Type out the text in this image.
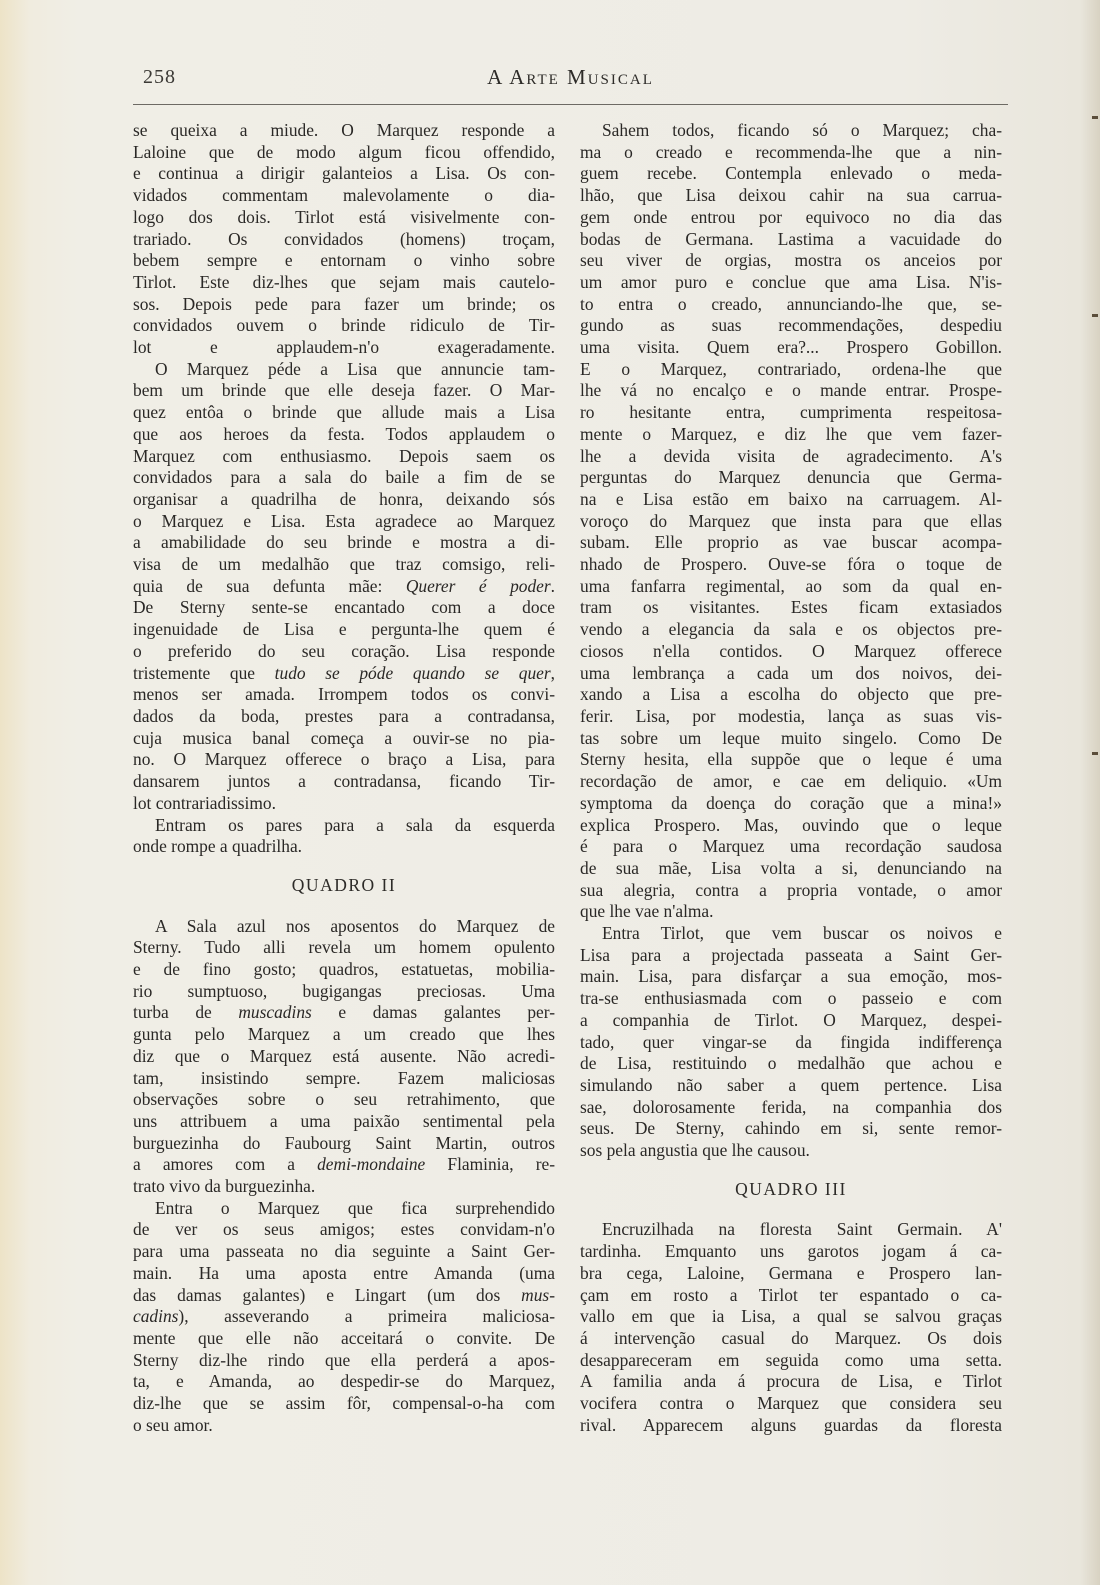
258	A Arte Musical

se queixa a miude. O Marquez responde a
Laloine que de modo algum ficou offendido,
e continua a dirigir galanteios a Lisa. Os con-
vidados commentam malevolamente o dia-
logo dos dois. Tirlot está visivelmente con-
trariado. Os convidados (homens) troçam,
bebem sempre e entornam o vinho sobre
Tirlot. Este diz-lhes que sejam mais cautelo-
sos. Depois pede para fazer um brinde; os
convidados ouvem o brinde ridiculo de Tir-
lot e applaudem-n'o exageradamente.

O Marquez péde a Lisa que annuncie tam-
bem um brinde que elle deseja fazer. O Mar-
quez entôa o brinde que allude mais a Lisa
que aos heroes da festa. Todos applaudem o
Marquez com enthusiasmo. Depois saem os
convidados para a sala do baile a fim de se
organisar a quadrilha de honra, deixando sós
o Marquez e Lisa. Esta agradece ao Marquez
a amabilidade do seu brinde e mostra a di-
visa de um medalhão que traz comsigo, reli-
quia de sua defunta mãe: Querer é poder.
De Sterny sente-se encantado com a doce
ingenuidade de Lisa e pergunta-lhe quem é
o preferido do seu coração. Lisa responde
tristemente que tudo se póde quando se quer,
menos ser amada. Irrompem todos os convi-
dados da boda, prestes para a contradansa,
cuja musica banal começa a ouvir-se no pia-
no. O Marquez offerece o braço a Lisa, para
dansarem juntos a contradansa, ficando Tir-
lot contrariadissimo.

Entram os pares para a sala da esquerda
onde rompe a quadrilha.

QUADRO II

A Sala azul nos aposentos do Marquez de
Sterny. Tudo alli revela um homem opulento
e de fino gosto; quadros, estatuetas, mobilia-
rio sumptuoso, bugigangas preciosas. Uma
turba de muscadins e damas galantes per-
gunta pelo Marquez a um creado que lhes
diz que o Marquez está ausente. Não acredi-
tam, insistindo sempre. Fazem maliciosas
observações sobre o seu retrahimento, que
uns attribuem a uma paixão sentimental pela
burguezinha do Faubourg Saint Martin, outros
a amores com a demi-mondaine Flaminia, re-
trato vivo da burguezinha.

Entra o Marquez que fica surprehendido
de ver os seus amigos; estes convidam-n'o
para uma passeata no dia seguinte a Saint Ger-
main. Ha uma aposta entre Amanda (uma
das damas galantes) e Lingart (um dos mus-
cadins), asseverando a primeira maliciosa-
mente que elle não acceitará o convite. De
Sterny diz-lhe rindo que ella perderá a apos-
ta, e Amanda, ao despedir-se do Marquez,
diz-lhe que se assim fôr, compensal-o-ha com
o seu amor.

Sahem todos, ficando só o Marquez; cha-
ma o creado e recommenda-lhe que a nin-
guem recebe. Contempla enlevado o meda-
lhão, que Lisa deixou cahir na sua carrua-
gem onde entrou por equivoco no dia das
bodas de Germana. Lastima a vacuidade do
seu viver de orgias, mostra os anceios por
um amor puro e conclue que ama Lisa. N'is-
to entra o creado, annunciando-lhe que, se-
gundo as suas recommendações, despediu
uma visita. Quem era?... Prospero Gobillon.
E o Marquez, contrariado, ordena-lhe que
lhe vá no encalço e o mande entrar. Prospe-
ro hesitante entra, cumprimenta respeitosa-
mente o Marquez, e diz lhe que vem fazer-
lhe a devida visita de agradecimento. A's
perguntas do Marquez denuncia que Germa-
na e Lisa estão em baixo na carruagem. Al-
voroço do Marquez que insta para que ellas
subam. Elle proprio as vae buscar acompa-
nhado de Prospero. Ouve-se fóra o toque de
uma fanfarra regimental, ao som da qual en-
tram os visitantes. Estes ficam extasiados
vendo a elegancia da sala e os objectos pre-
ciosos n'ella contidos. O Marquez offerece
uma lembrança a cada um dos noivos, dei-
xando a Lisa a escolha do objecto que pre-
ferir. Lisa, por modestia, lança as suas vis-
tas sobre um leque muito singelo. Como De
Sterny hesita, ella suppõe que o leque é uma
recordação de amor, e cae em deliquio. «Um
symptoma da doença do coração que a mina!»
explica Prospero. Mas, ouvindo que o leque
é para o Marquez uma recordação saudosa
de sua mãe, Lisa volta a si, denunciando na
sua alegria, contra a propria vontade, o amor
que lhe vae n'alma.

Entra Tirlot, que vem buscar os noivos e
Lisa para a projectada passeata a Saint Ger-
main. Lisa, para disfarçar a sua emoção, mos-
tra-se enthusiasmada com o passeio e com
a companhia de Tirlot. O Marquez, despei-
tado, quer vingar-se da fingida indifferença
de Lisa, restituindo o medalhão que achou e
simulando não saber a quem pertence. Lisa
sae, dolorosamente ferida, na companhia dos
seus. De Sterny, cahindo em si, sente remor-
sos pela angustia que lhe causou.

QUADRO III

Encruzilhada na floresta Saint Germain. A'
tardinha. Emquanto uns garotos jogam á ca-
bra cega, Laloine, Germana e Prospero lan-
çam em rosto a Tirlot ter espantado o ca-
vallo em que ia Lisa, a qual se salvou graças
á intervenção casual do Marquez. Os dois
desappareceram em seguida como uma setta.
A familia anda á procura de Lisa, e Tirlot
vocifera contra o Marquez que considera seu
rival. Apparecem alguns guardas da floresta
